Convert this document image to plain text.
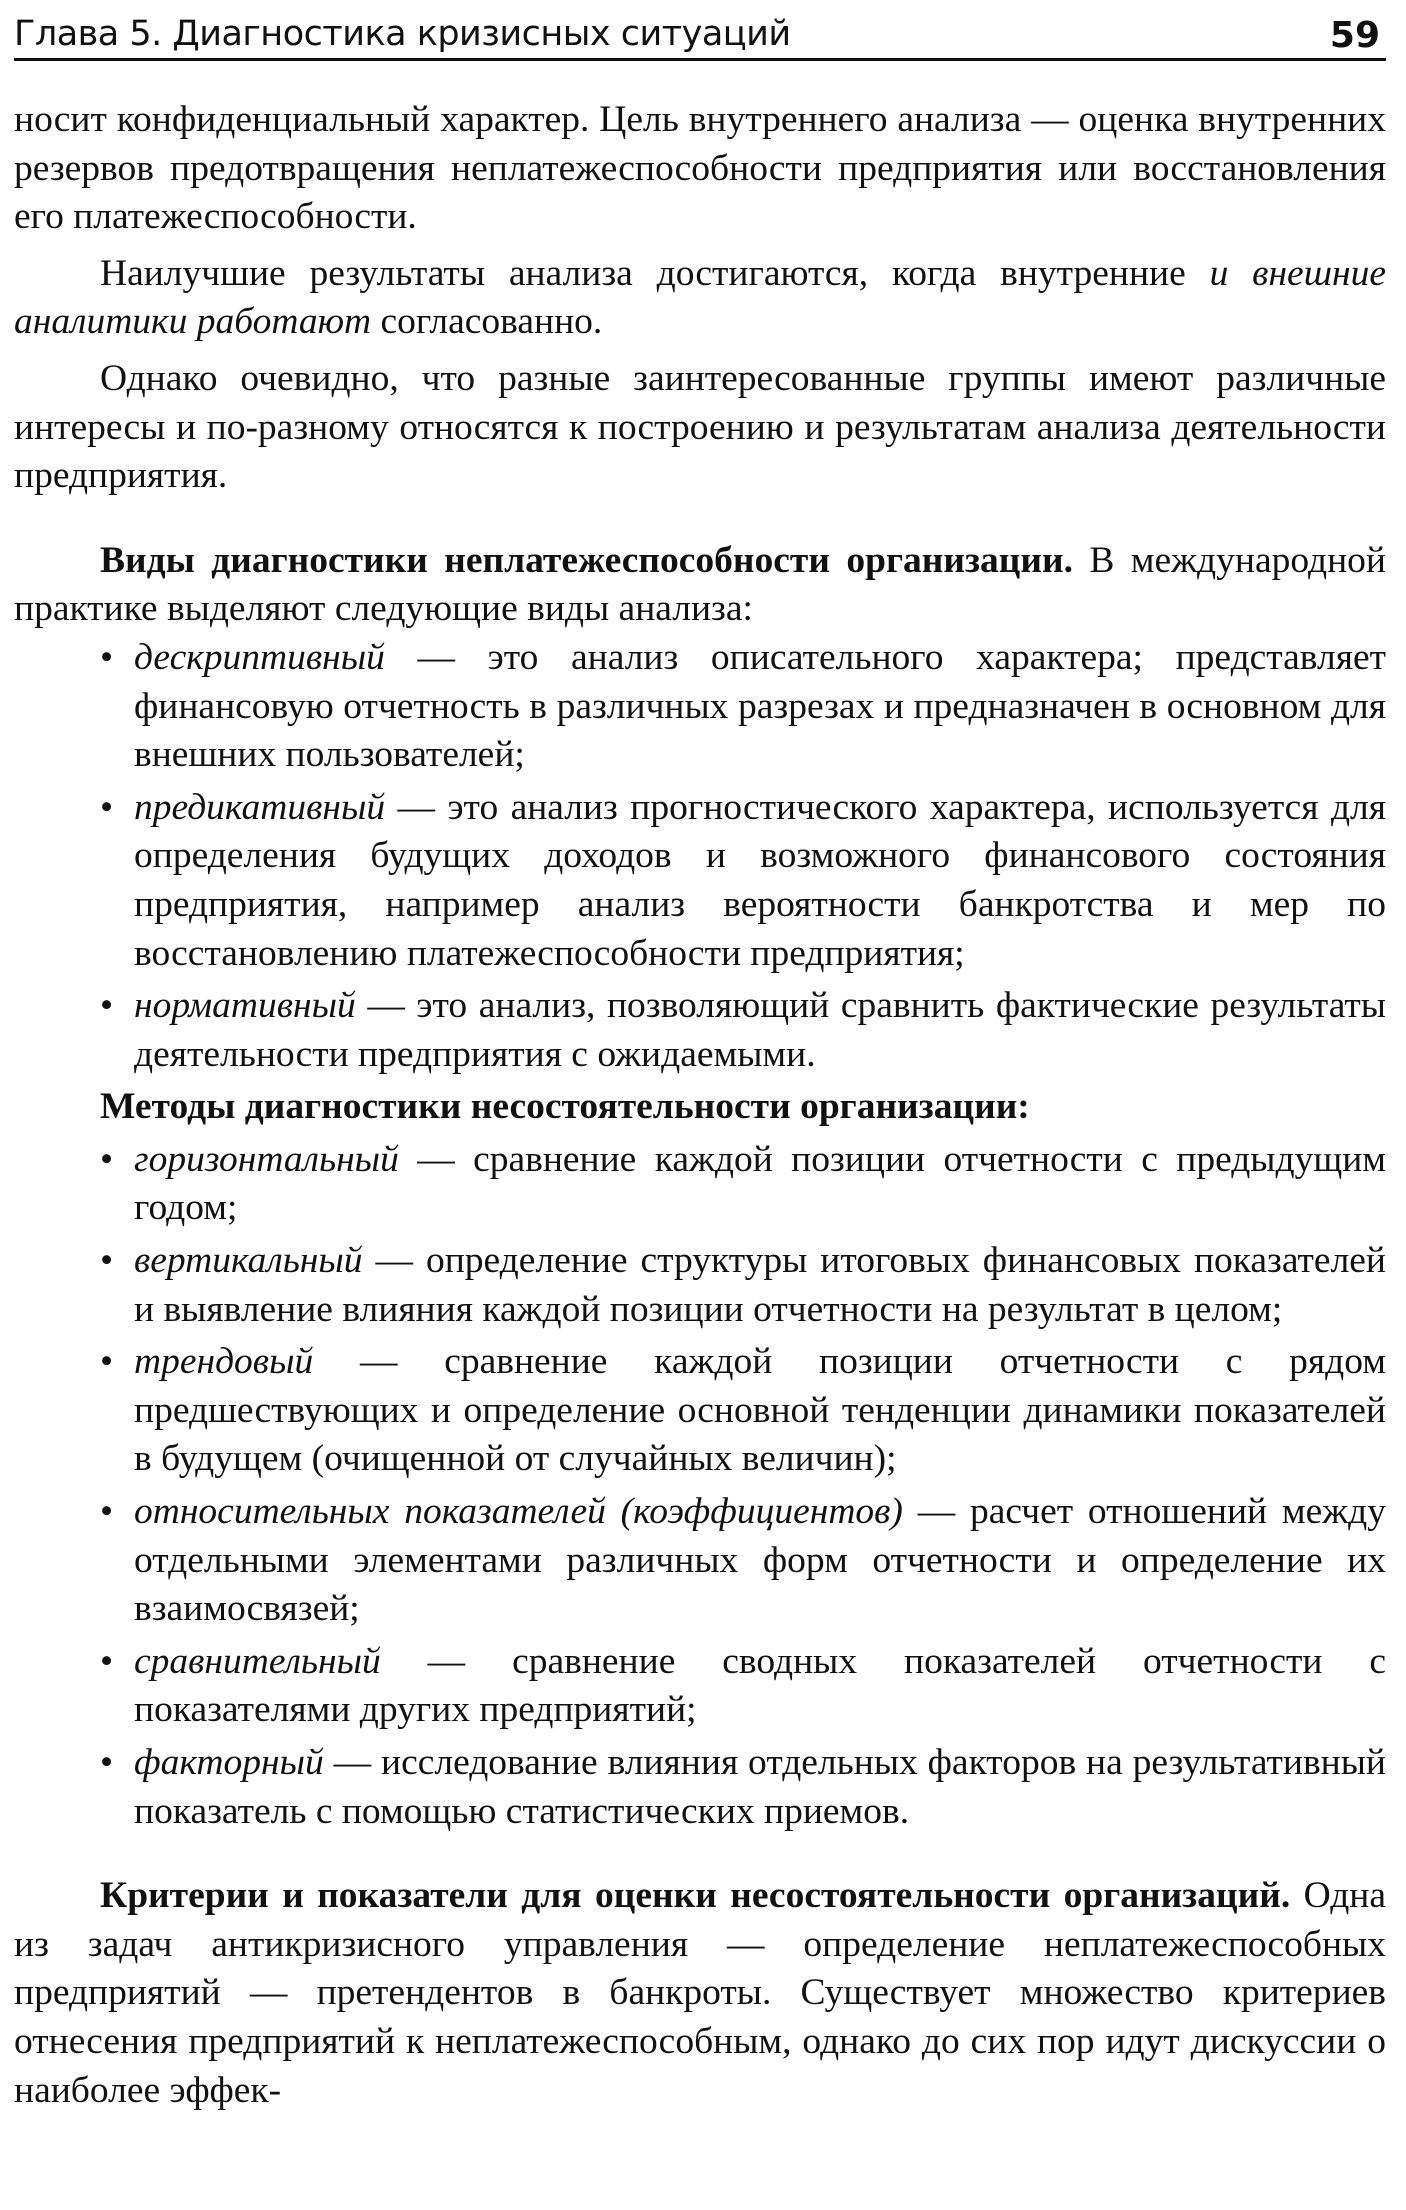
Глава 5. Диагностика кризисных ситуаций	59

носит конфиденциальный характер. Цель внутреннего анализа — оценка внутренних резервов предотвращения неплатежеспособности предприятия или восстановления его платежеспособности.

Наилучшие результаты анализа достигаются, когда внутренние и внешние аналитики работают согласованно.

Однако очевидно, что разные заинтересованные группы имеют различные интересы и по-разному относятся к построению и результатам анализа деятельности предприятия.

Виды диагностики неплатежеспособности организации. В международной практике выделяют следующие виды анализа:

• дескриптивный — это анализ описательного характера; представляет финансовую отчетность в различных разрезах и предназначен в основном для внешних пользователей;
• предикативный — это анализ прогностического характера, используется для определения будущих доходов и возможного финансового состояния предприятия, например анализ вероятности банкротства и мер по восстановлению платежеспособности предприятия;
• нормативный — это анализ, позволяющий сравнить фактические результаты деятельности предприятия с ожидаемыми.

Методы диагностики несостоятельности организации:

• горизонтальный — сравнение каждой позиции отчетности с предыдущим годом;
• вертикальный — определение структуры итоговых финансовых показателей и выявление влияния каждой позиции отчетности на результат в целом;
• трендовый — сравнение каждой позиции отчетности с рядом предшествующих и определение основной тенденции динамики показателей в будущем (очищенной от случайных величин);
• относительных показателей (коэффициентов) — расчет отношений между отдельными элементами различных форм отчетности и определение их взаимосвязей;
• сравнительный — сравнение сводных показателей отчетности с показателями других предприятий;
• факторный — исследование влияния отдельных факторов на результативный показатель с помощью статистических приемов.

Критерии и показатели для оценки несостоятельности организаций. Одна из задач антикризисного управления — определение неплатежеспособных предприятий — претендентов в банкроты. Существует множество критериев отнесения предприятий к неплатежеспособным, однако до сих пор идут дискуссии о наиболее эффек-
